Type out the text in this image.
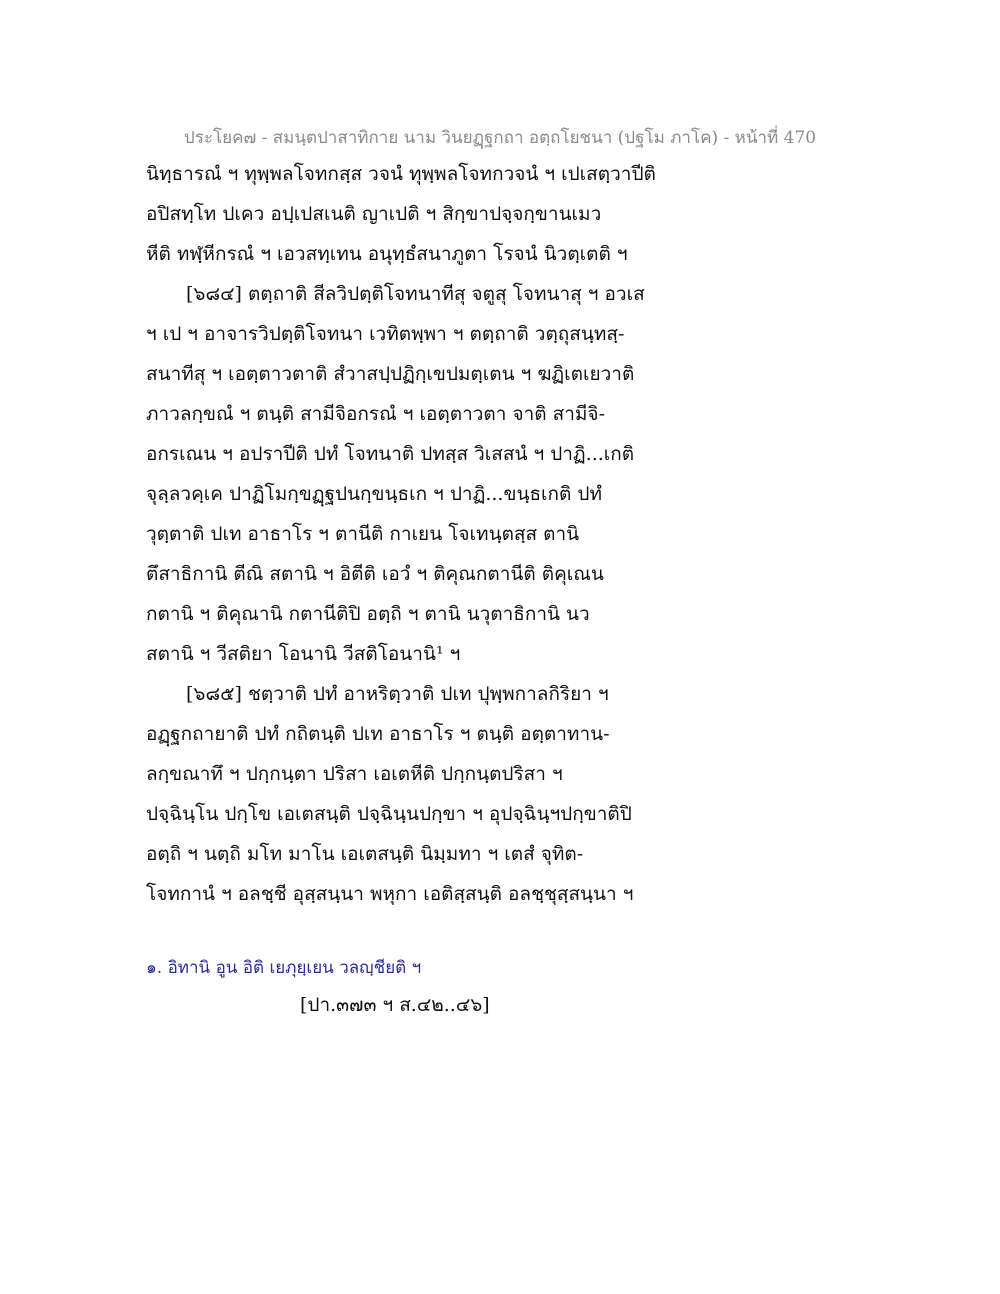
ประโยค๗ - สมนฺตปาสาทิกาย นาม วินยฏฺฐกถา อตฺถโยชนา (ปฐโม ภาโค) - หน้าที่ 470
นิทฺธารณํ ฯ ทุพฺพลโจทกสฺส วจนํ ทุพฺพลโจทกวจนํ ฯ เปเสตฺวาปีติ
อปิสทฺโท ปเคว อปฺเปสเนติ ญาเปติ ฯ สิกฺขาปจฺจกฺขานเมว
หีติ ทฬฺหีกรณํ ฯ เอวสทฺเทน อนุทฺธํสนาภูตา โรจนํ นิวตฺเตติ ฯ
[๖๘๔] ตตฺถาติ สีลวิปตฺติโจทนาทีสุ จตูสุ โจทนาสุ ฯ อวเส
ฯ เป ฯ อาจารวิปตฺติโจทนา เวทิตพฺพา ฯ ตตฺถาติ วตฺถุสนฺทสฺ-
สนาทีสุ ฯ เอตฺตาวตาติ สํวาสปฺปฏิกฺเขปมตฺเตน ฯ ฆฏิเตเยวาติ
ภาวลกฺขณํ ฯ ตนฺติ สามีจิอกรณํ ฯ เอตฺตาวตา จาติ สามีจิ-
อกรเณน ฯ อปราปีติ ปทํ โจทนาติ ปทสฺส วิเสสนํ ฯ ปาฏิ...เกติ
จุลฺลวคฺเค ปาฏิโมกฺขฏฺฐปนกฺขนฺธเก ฯ ปาฏิ...ขนฺธเกติ ปทํ
วุตฺตาติ ปเท อาธาโร ฯ ตานีติ กาเยน โจเทนฺตสฺส ตานิ
ตึสาธิกานิ ตีณิ สตานิ ฯ อิตีติ เอวํ ฯ ติคุณกตานีติ ติคุเณน
กตานิ ฯ ติคุณานิ กตานีติปิ อตฺถิ ฯ ตานิ นวุตาธิกานิ นว
สตานิ ฯ วีสติยา โอนานิ วีสติโอนานิ¹ ฯ
[๖๘๕] ชตฺวาติ ปทํ อาหริตฺวาติ ปเท ปุพฺพกาลกิริยา ฯ
อฏฺฐกถายาติ ปทํ กถิตนฺติ ปเท อาธาโร ฯ ตนฺติ อตฺตาทาน-
ลกฺขณาทึ ฯ ปกฺกนฺตา ปริสา เอเตหีติ ปกฺกนฺตปริสา ฯ
ปจฺฉินฺโน ปกฺโข เอเตสนฺติ ปจฺฉินฺนปกฺขา ฯ อุปจฺฉินฺฯปกฺขาติปิ
อตฺถิ ฯ นตฺถิ มโท มาโน เอเตสนฺติ นิมฺมทา ฯ เตสํ จุทิต-
โจทกานํ ฯ อลชฺชี อุสฺสนฺนา พหุกา เอติสฺสนฺติ อลชฺชุสฺสนฺนา ฯ
๑. อิทานิ อูน อิติ เยภุยฺเยน วลญฺชียติ ฯ
[ปา.๓๗๓ ฯ ส.๔๒..๔๖]
